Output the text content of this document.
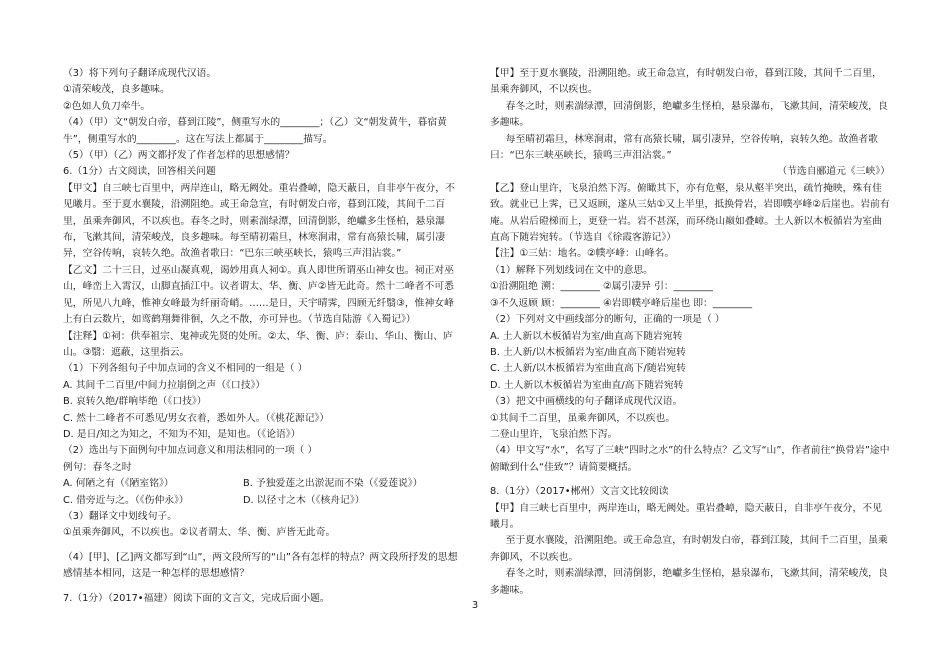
（3）将下列句子翻译成现代汉语。

①清荣峻茂，良多趣味。

②色如人负刀牵牛。

（4）（甲）文“朝发白帝，暮到江陵”，侧重写水的________；（乙）文“朝发黄牛，暮宿黄牛”，侧重写水的________。这在写法上都属于________描写。

（5）（甲）（乙）两文都抒发了作者怎样的思想感情？

6.（1分）古文阅读，回答相关问题

【甲文】自三峡七百里中，两岸连山，略无阙处。重岩叠嶂，隐天蔽日，自非亭午夜分，不见曦月。至于夏水襄陵，沿溯阻绝。或王命急宣，有时朝发白帝，暮到江陵，其间千二百里，虽乘奔御风，不以疾也。春冬之时，则素湍绿潭，回清倒影，绝巘多生怪柏，悬泉瀑布，飞漱其间，清荣峻茂，良多趣味。每至晴初霜旦，林寒涧肃，常有高猿长啸，属引凄异，空谷传响，哀转久绝。故渔者歌曰：“巴东三峡巫峡长，猿鸣三声泪沾裳。”

【乙文】二十三日，过巫山凝真观，谒妙用真人祠①。真人即世所谓巫山神女也。祠正对巫山，峰峦上入霄汉，山脚直插江中。议者谓太、华、衡、庐②皆无此奇。然十二峰者不可悉见，所见八九峰，惟神女峰最为纤丽奇峭。……是日，天宇晴霁，四顾无纤翳③，惟神女峰上有白云数片，如鸾鹤翔舞徘徊，久之不散，亦可异也。（节选自陆游《入蜀记》）

【注释】①祠：供奉祖宗、鬼神或先贤的处所。②太、华、衡、庐：泰山、华山、衡山、庐山。③翳：遮蔽，这里指云。

（1）下列各组句子中加点词的含义不相同的一组是（ ）

A. 其间千二百里/中间力拉崩倒之声（《口技》）

B. 哀转久绝/群响毕绝（《口技》）

C. 然十二峰者不可悉见/男女衣着，悉如外人。（《桃花源记》）

D. 是日/知之为知之，不知为不知，是知也。（《论语》）

（2）选出与下面例句中加点词意义和用法相同的一项（ ）

例句：春冬之时

A. 何陋之有（《陋室铭》）	B. 予独爱莲之出淤泥而不染（《爱莲说》）
C. 借旁近与之。（《伤仲永》）	D. 以径寸之木（《核舟记》）

（3）翻译文中划线句子。

①虽乘奔御风，不以疾也。②议者谓太、华、衡、庐皆无此奇。

（4）[甲]、[乙]两文都写到“山”，两文段所写的“山”各有怎样的特点？两文段所抒发的思想感情基本相同，这是一种怎样的思想感情？

7.（1分）（2017•福建）阅读下面的文言文，完成后面小题。

【甲】至于夏水襄陵，沿溯阻绝。或王命急宣，有时朝发白帝，暮到江陵，其间千二百里，虽乘奔御风，不以疾也。

春冬之时，则素湍绿潭，回清倒影，绝巘多生怪柏，悬泉瀑布，飞漱其间，清荣峻茂，良多趣味。

每至晴初霜旦，林寒涧肃，常有高猿长啸，属引凄异，空谷传响，哀转久绝。故渔者歌曰：“巴东三峡巫峡长，猿鸣三声泪沾裳。”

（节选自郦道元《三峡》）

【乙】登山里许，飞泉泊然下泻。俯瞰其下，亦有危壑，泉从壑半突出，疏竹掩映，殊有佳致。就业已上霁，已又返顾，遂从三姑①又上半里，抵换骨岩，岩即幞亭峰②后崖也。岩前有庵。从岩后磴梯而上，更登一岩。岩不甚深，而环绕山巅如叠嶂。土人新以木板循岩为室曲直高下随岩宛转。（节选自《徐霞客游记》）

【注】①三姑：地名。②幞亭峰：山峰名。

（1）解释下列划线词在文中的意思。

①沿溯阻绝 溯：________ ②属引凄异 引：________

③不久返顾 顾：________ ④岩即幞亭峰后崖也 即：________

（2）下列对文中画线部分的断句，正确的一项是（ ）

A. 土人新以木板循岩为室/曲直高下随岩宛转

B. 土人新/以木板循岩为室/曲直高下随岩宛转

C. 土人新/以木板循岩为室曲直高下/随岩宛转

D. 土人新以木板循岩为室曲直/高下随岩宛转

（3）把文中画横线的句子翻译成现代汉语。

①其间千二百里，虽乘奔御风，不以疾也。

二登山里许，飞泉泊然下泻。

（4）甲文写“水”，名写了三峡“四时之水”的什么特点？乙文写“山”，作者前往“换骨岩”途中俯瞰到什么“佳致”？请简要概括。

8.（1分）（2017•郴州）文言文比较阅读

【甲】自三峡七百里中，两岸连山，略无阙处。重岩叠嶂，隐天蔽日，自非亭午夜分，不见曦月。

至于夏水襄陵，沿溯阻绝。或王命急宣，有时朝发白帝，暮到江陵，其间千二百里，虽乘奔御风，不以疾也。

春冬之时，则素湍绿潭，回清倒影，绝巘多生怪柏，悬泉瀑布，飞漱其间，清荣峻茂，良多趣味。

3
